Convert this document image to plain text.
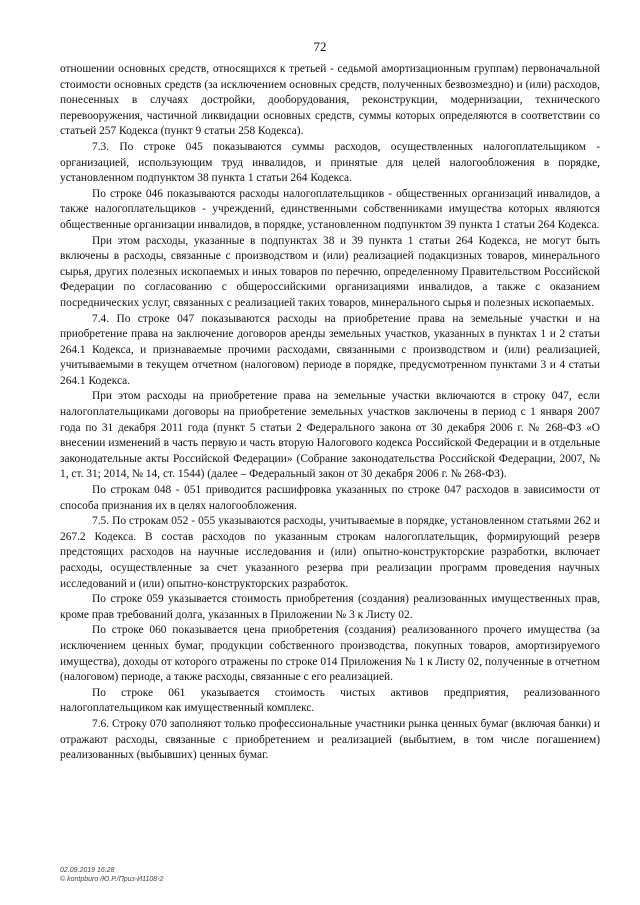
72

отношении основных средств, относящихся к третьей - седьмой амортизационным группам) первоначальной стоимости основных средств (за исключением основных средств, полученных безвозмездно) и (или) расходов, понесенных в случаях достройки, дооборудования, реконструкции, модернизации, технического перевооружения, частичной ликвидации основных средств, суммы которых определяются в соответствии со статьей 257 Кодекса (пункт 9 статьи 258 Кодекса).

7.3. По строке 045 показываются суммы расходов, осуществленных налогоплательщиком - организацией, использующим труд инвалидов, и принятые для целей налогообложения в порядке, установленном подпунктом 38 пункта 1 статьи 264 Кодекса.

По строке 046 показываются расходы налогоплательщиков - общественных организаций инвалидов, а также налогоплательщиков - учреждений, единственными собственниками имущества которых являются общественные организации инвалидов, в порядке, установленном подпунктом 39 пункта 1 статьи 264 Кодекса.

При этом расходы, указанные в подпунктах 38 и 39 пункта 1 статьи 264 Кодекса, не могут быть включены в расходы, связанные с производством и (или) реализацией подакцизных товаров, минерального сырья, других полезных ископаемых и иных товаров по перечню, определенному Правительством Российской Федерации по согласованию с общероссийскими организациями инвалидов, а также с оказанием посреднических услуг, связанных с реализацией таких товаров, минерального сырья и полезных ископаемых.

7.4. По строке 047 показываются расходы на приобретение права на земельные участки и на приобретение права на заключение договоров аренды земельных участков, указанных в пунктах 1 и 2 статьи 264.1 Кодекса, и признаваемые прочими расходами, связанными с производством и (или) реализацией, учитываемыми в текущем отчетном (налоговом) периоде в порядке, предусмотренном пунктами 3 и 4 статьи 264.1 Кодекса.

При этом расходы на приобретение права на земельные участки включаются в строку 047, если налогоплательщиками договоры на приобретение земельных участков заключены в период с 1 января 2007 года по 31 декабря 2011 года (пункт 5 статьи 2 Федерального закона от 30 декабря 2006 г. № 268-ФЗ «О внесении изменений в часть первую и часть вторую Налогового кодекса Российской Федерации и в отдельные законодательные акты Российской Федерации» (Собрание законодательства Российской Федерации, 2007, № 1, ст. 31; 2014, № 14, ст. 1544) (далее – Федеральный закон от 30 декабря 2006 г. № 268-ФЗ).

По строкам 048 - 051 приводится расшифровка указанных по строке 047 расходов в зависимости от способа признания их в целях налогообложения.

7.5. По строкам 052 - 055 указываются расходы, учитываемые в порядке, установленном статьями 262 и 267.2 Кодекса. В состав расходов по указанным строкам налогоплательщик, формирующий резерв предстоящих расходов на научные исследования и (или) опытно-конструкторские разработки, включает расходы, осуществленные за счет указанного резерва при реализации программ проведения научных исследований и (или) опытно-конструкторских разработок.

По строке 059 указывается стоимость приобретения (создания) реализованных имущественных прав, кроме прав требований долга, указанных в Приложении № 3 к Листу 02.

По строке 060 показывается цена приобретения (создания) реализованного прочего имущества (за исключением ценных бумаг, продукции собственного производства, покупных товаров, амортизируемого имущества), доходы от которого отражены по строке 014 Приложения № 1 к Листу 02, полученные в отчетном (налоговом) периоде, а также расходы, связанные с его реализацией.

По строке 061 указывается стоимость чистых активов предприятия, реализованного налогоплательщиком как имущественный комплекс.

7.6. Строку 070 заполняют только профессиональные участники рынка ценных бумаг (включая банки) и отражают расходы, связанные с приобретением и реализацией (выбытием, в том числе погашением) реализованных (выбывших) ценных бумаг.

02.09.2019 16:28
© kontpburo /Ю.Р./Приз-И1108-2
